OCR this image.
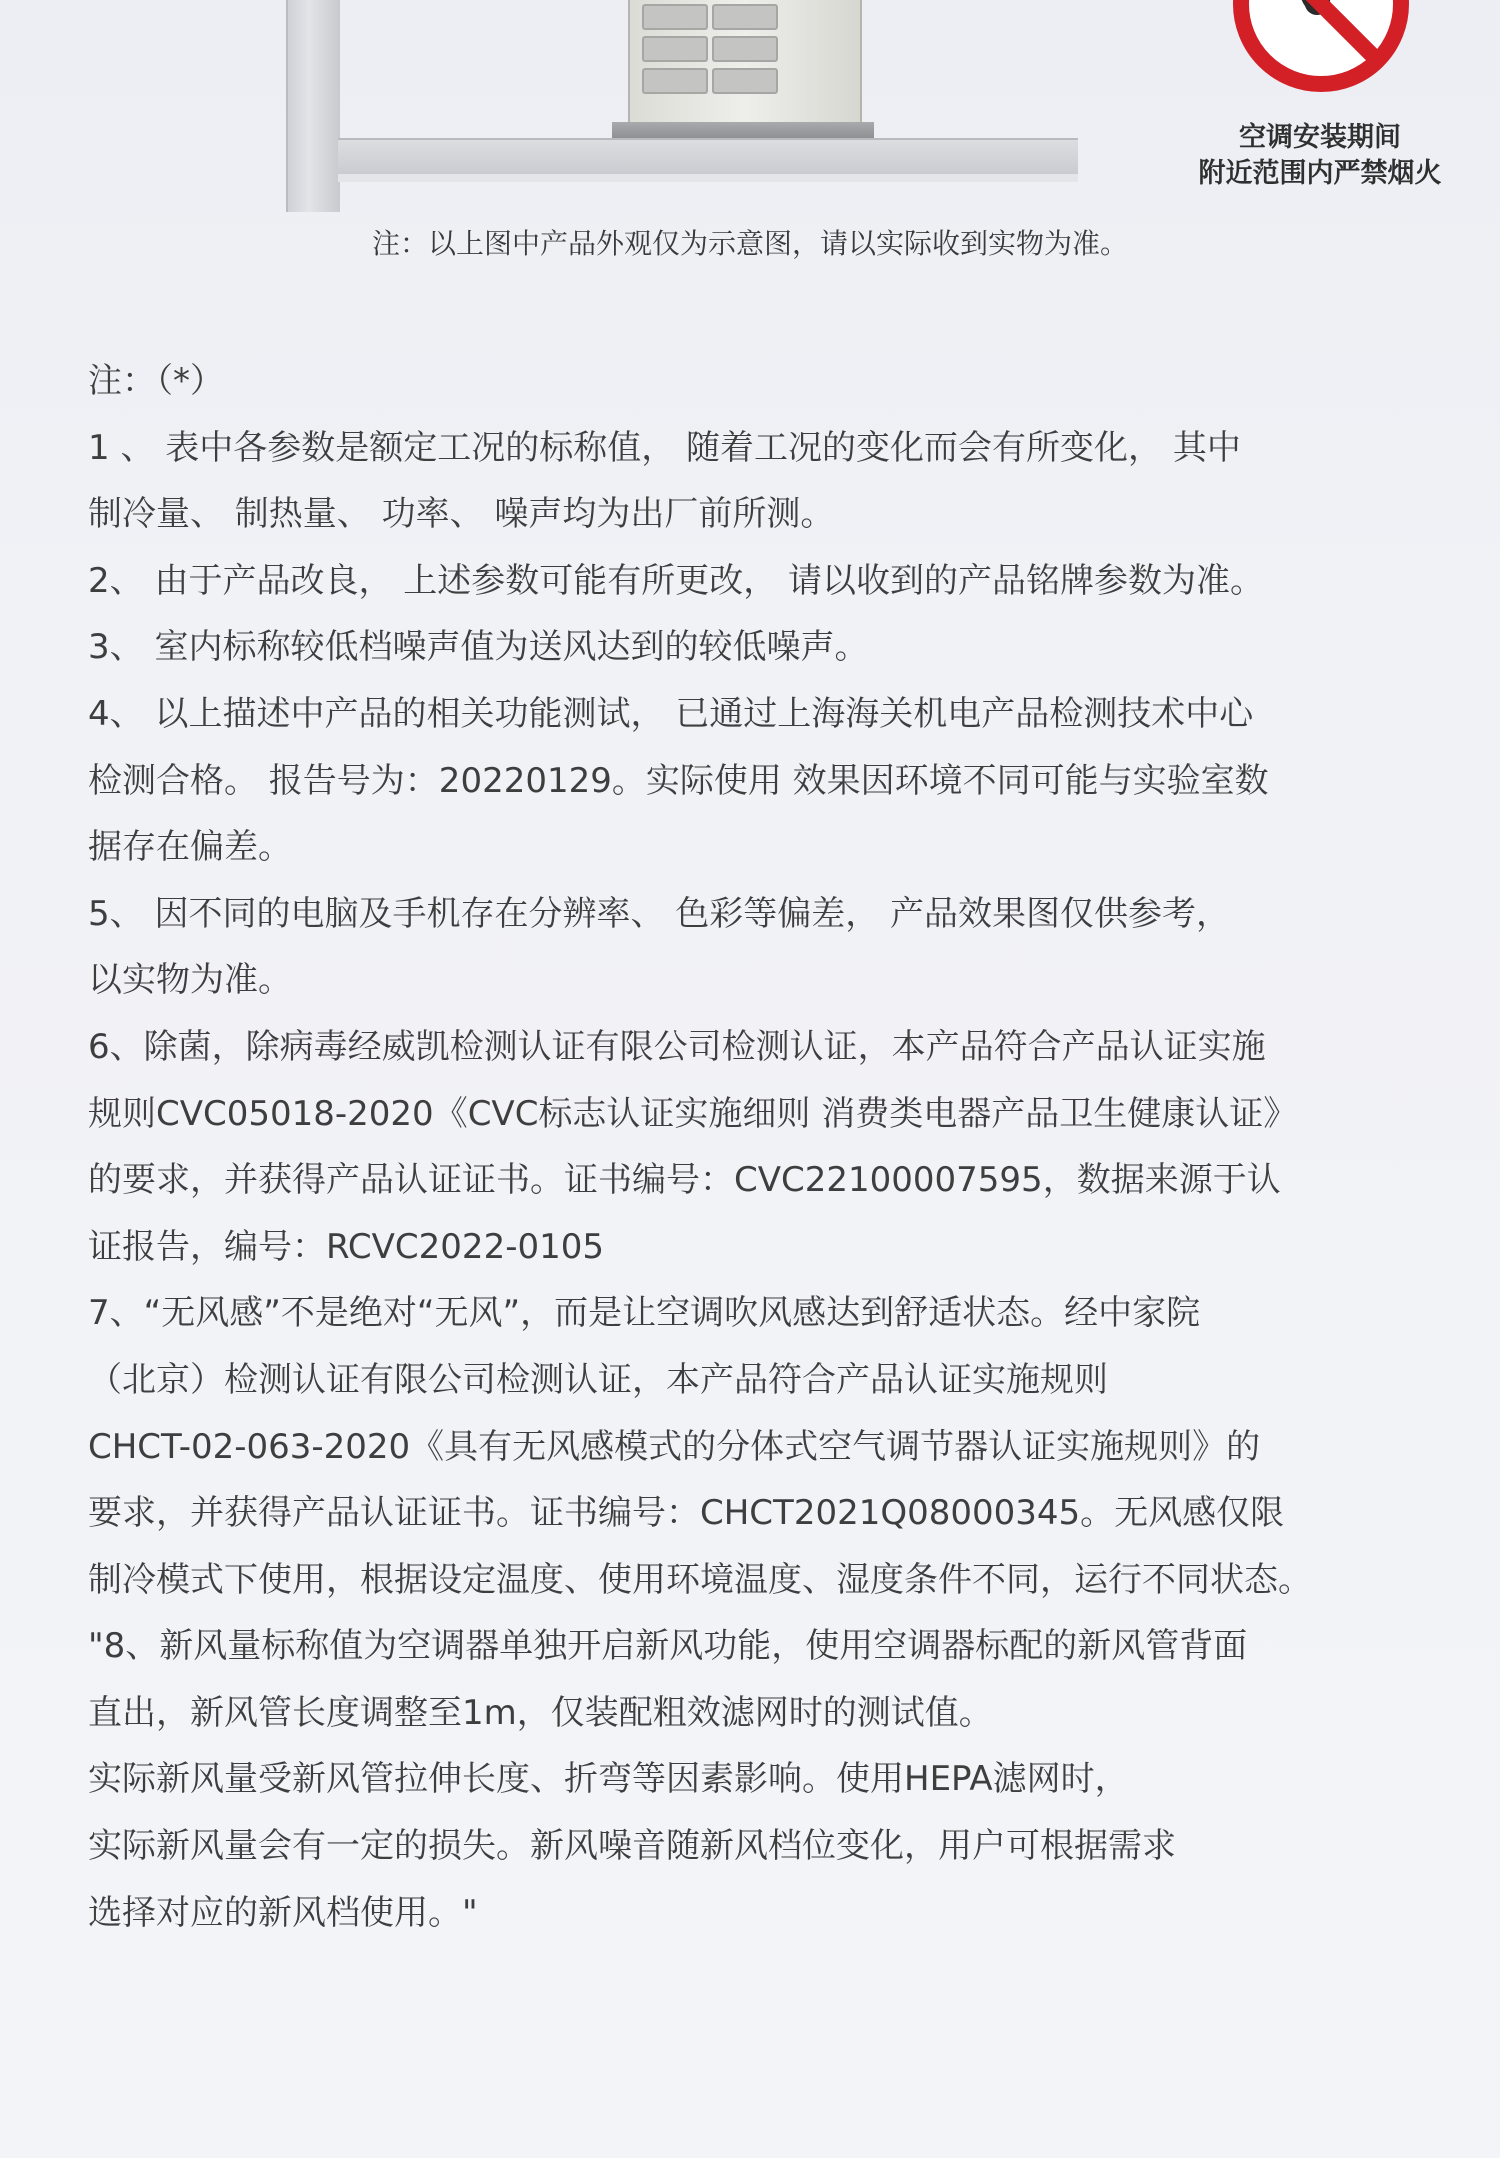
空调安装期间
附近范围内严禁烟火
注：以上图中产品外观仅为示意图，请以实际收到实物为准。
注：（*）
1 、 表中各参数是额定工况的标称值， 随着工况的变化而会有所变化， 其中
制冷量、 制热量、 功率、 噪声均为出厂前所测。
2、 由于产品改良， 上述参数可能有所更改， 请以收到的产品铭牌参数为准。
3、 室内标称较低档噪声值为送风达到的较低噪声。
4、 以上描述中产品的相关功能测试， 已通过上海海关机电产品检测技术中心
检测合格。 报告号为：20220129。实际使用 效果因环境不同可能与实验室数
据存在偏差。
5、 因不同的电脑及手机存在分辨率、 色彩等偏差， 产品效果图仅供参考，
以实物为准。
6、除菌，除病毒经威凯检测认证有限公司检测认证，本产品符合产品认证实施
规则CVC05018-2020《CVC标志认证实施细则 消费类电器产品卫生健康认证》
的要求，并获得产品认证证书。证书编号：CVC22100007595，数据来源于认
证报告，编号：RCVC2022-0105
7、“无风感”不是绝对“无风”，而是让空调吹风感达到舒适状态。经中家院
（北京）检测认证有限公司检测认证，本产品符合产品认证实施规则
CHCT-02-063-2020《具有无风感模式的分体式空气调节器认证实施规则》的
要求，并获得产品认证证书。证书编号：CHCT2021Q08000345。无风感仅限
制冷模式下使用，根据设定温度、使用环境温度、湿度条件不同，运行不同状态。
"8、新风量标称值为空调器单独开启新风功能，使用空调器标配的新风管背面
直出，新风管长度调整至1m，仅装配粗效滤网时的测试值。
实际新风量受新风管拉伸长度、折弯等因素影响。使用HEPA滤网时，
实际新风量会有一定的损失。新风噪音随新风档位变化，用户可根据需求
选择对应的新风档使用。"
